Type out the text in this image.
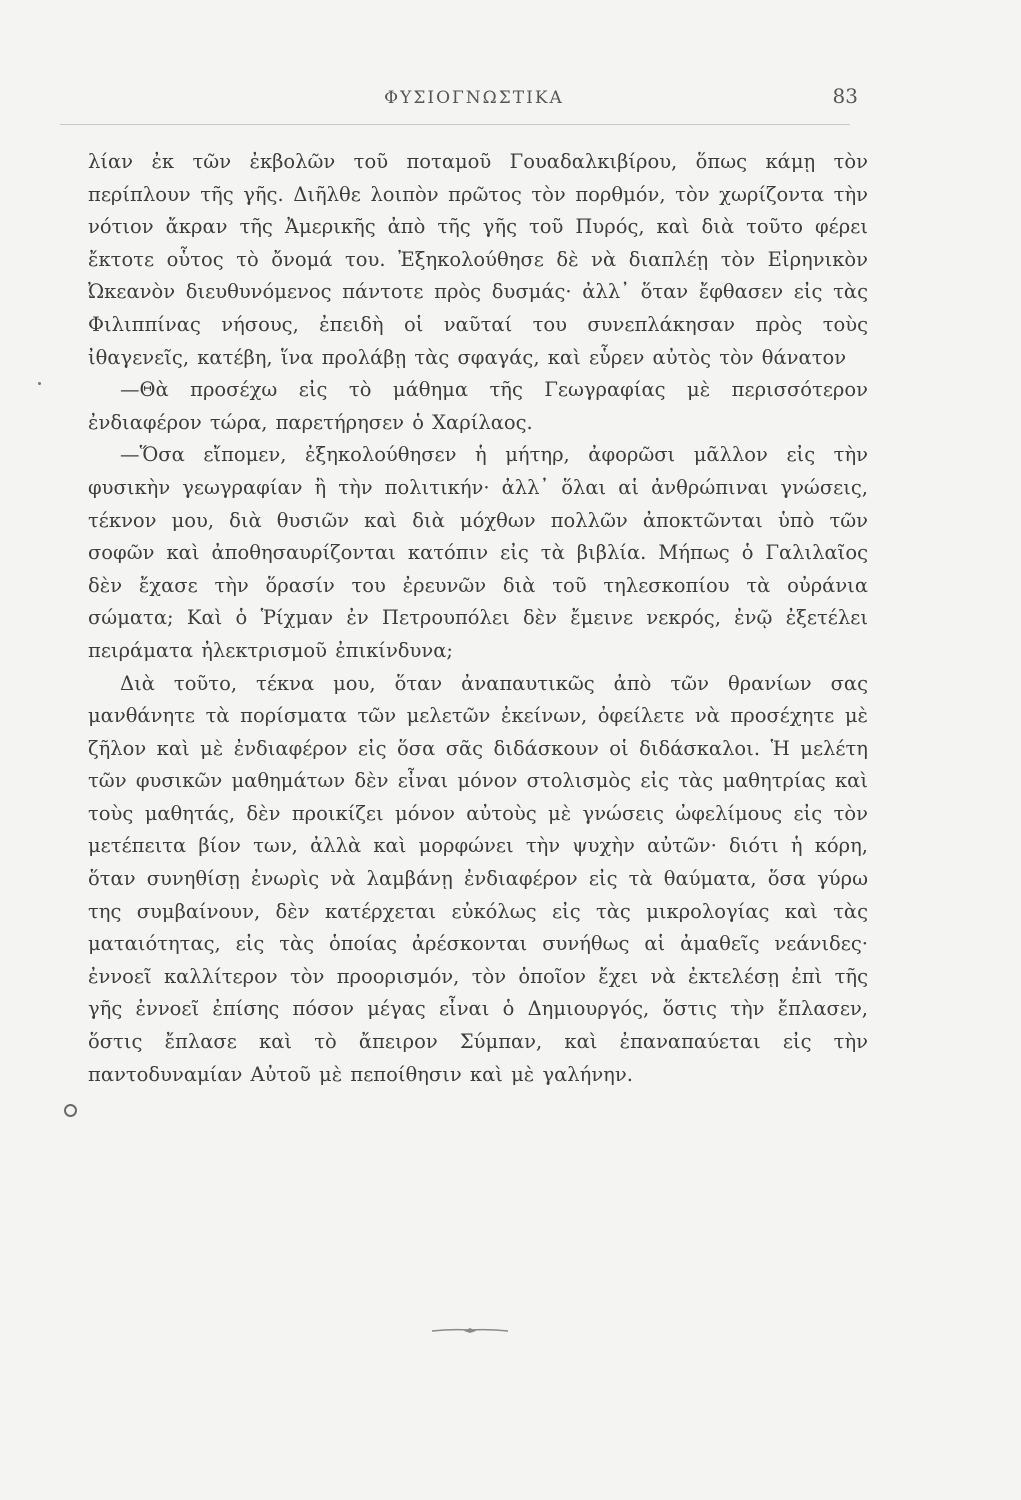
ΦΥΣΙΟΓΝΩΣΤΙΚΑ	83

λίαν ἐκ τῶν ἐκβολῶν τοῦ ποταμοῦ Γουαδαλκιβίρου, ὅπως κάμῃ τὸν περίπλουν τῆς γῆς. Διῆλθε λοιπὸν πρῶτος τὸν πορθμόν, τὸν χωρίζοντα τὴν νότιον ἄκραν τῆς Ἀμερικῆς ἀπὸ τῆς γῆς τοῦ Πυρός, καὶ διὰ τοῦτο φέρει ἔκτοτε οὗτος τὸ ὄνομά του. Ἐξηκολούθησε δὲ νὰ διαπλέῃ τὸν Εἰρηνικὸν Ὠκεανὸν διευθυνόμενος πάντοτε πρὸς δυσμάς· ἀλλ᾽ ὅταν ἔφθασεν εἰς τὰς Φιλιππίνας νήσους, ἐπειδὴ οἱ ναῦταί του συνεπλάκησαν πρὸς τοὺς ἰθαγενεῖς, κατέβη, ἵνα προλάβῃ τὰς σφαγάς, καὶ εὗρεν αὐτὸς τὸν θάνατον

—Θὰ προσέχω εἰς τὸ μάθημα τῆς Γεωγραφίας μὲ περισσότερον ἐνδιαφέρον τώρα, παρετήρησεν ὁ Χαρίλαος.

—Ὅσα εἴπομεν, ἐξηκολούθησεν ἡ μήτηρ, ἀφορῶσι μᾶλλον εἰς τὴν φυσικὴν γεωγραφίαν ἢ τὴν πολιτικήν· ἀλλ᾽ ὅλαι αἱ ἀνθρώπιναι γνώσεις, τέκνον μου, διὰ θυσιῶν καὶ διὰ μόχθων πολλῶν ἀποκτῶνται ὑπὸ τῶν σοφῶν καὶ ἀποθησαυρίζονται κατόπιν εἰς τὰ βιβλία. Μήπως ὁ Γαλιλαῖος δὲν ἔχασε τὴν ὅρασίν του ἐρευνῶν διὰ τοῦ τηλεσκοπίου τὰ οὐράνια σώματα; Καὶ ὁ Ῥίχμαν ἐν Πετρουπόλει δὲν ἔμεινε νεκρός, ἐνῷ ἐξετέλει πειράματα ἠλεκτρισμοῦ ἐπικίνδυνα;

Διὰ τοῦτο, τέκνα μου, ὅταν ἀναπαυτικῶς ἀπὸ τῶν θρανίων σας μανθάνητε τὰ πορίσματα τῶν μελετῶν ἐκείνων, ὀφείλετε νὰ προσέχητε μὲ ζῆλον καὶ μὲ ἐνδιαφέρον εἰς ὅσα σᾶς διδάσκουν οἱ διδάσκαλοι. Ἡ μελέτη τῶν φυσικῶν μαθημάτων δὲν εἶναι μόνον στολισμὸς εἰς τὰς μαθητρίας καὶ τοὺς μαθητάς, δὲν προικίζει μόνον αὐτοὺς μὲ γνώσεις ὠφελίμους εἰς τὸν μετέπειτα βίον των, ἀλλὰ καὶ μορφώνει τὴν ψυχὴν αὐτῶν· διότι ἡ κόρη, ὅταν συνηθίσῃ ἐνωρὶς νὰ λαμβάνῃ ἐνδιαφέρον εἰς τὰ θαύματα, ὅσα γύρω της συμβαίνουν, δὲν κατέρχεται εὐκόλως εἰς τὰς μικρολογίας καὶ τὰς ματαιότητας, εἰς τὰς ὁποίας ἀρέσκονται συνήθως αἱ ἀμαθεῖς νεάνιδες· ἐννοεῖ καλλίτερον τὸν προορισμόν, τὸν ὁποῖον ἔχει νὰ ἐκτελέσῃ ἐπὶ τῆς γῆς ἐννοεῖ ἐπίσης πόσον μέγας εἶναι ὁ Δημιουργός, ὅστις τὴν ἔπλασεν, ὅστις ἔπλασε καὶ τὸ ἄπειρον Σύμπαν, καὶ ἐπαναπαύεται εἰς τὴν παντοδυναμίαν Αὐτοῦ μὲ πεποίθησιν καὶ μὲ γαλήνην.
